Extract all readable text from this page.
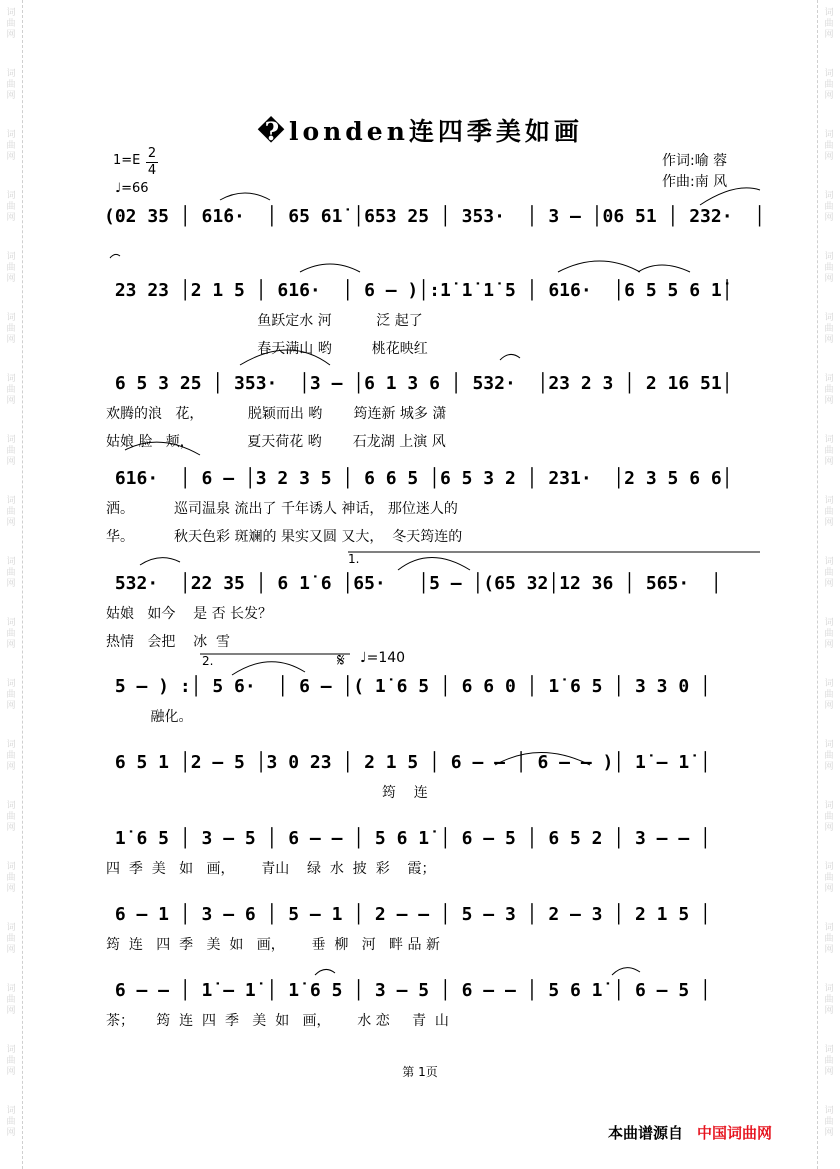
词曲网
词曲网
词曲网
词曲网
词曲网
词曲网
词曲网
词曲网
词曲网
词曲网
词曲网
词曲网
词曲网
词曲网
词曲网
词曲网
词曲网
词曲网
词曲网
词曲网
词曲网
词曲网
词曲网
词曲网
词曲网
词曲网
词曲网
词曲网
词曲网
词曲网
词曲网
词曲网
词曲网
词曲网
词曲网
词曲网
词曲网
词曲网
�londen连四季美如画
1=E 2
4
♩=66
作词:喻 蓉
作曲:南 风
(02 35 │ 61̇6·  │ 65 61̇ │653 25 │ 353·  │ 3 — │06 51 │ 232·  │
23 23 │2 1 5 │ 616·  │ 6 — )│:1̇ 1̇ 1̇ 5 │ 616·  │6 5 5 6 1̇│
鱼跃定水 河          泛 起了
春天满山 哟         桃花映红
6 5 3 25 │ 353·  │3 — │6 1 3 6 │ 532·  │23 2 3 │ 2 16 51│
欢腾的浪   花，          脱颖而出 哟       筠连新 城多 潇
姑娘 脸   颊，            夏天荷花 哟       石龙湖 上演 风
616·  │ 6 — │3 2 3 5 │ 6 6 5 │6 5 3 2 │ 231·  │2 3 5 6 6│
洒。         巡司温泉 流出了 千年诱人 神话， 那位迷人的
华。         秋天色彩 斑斓的 果实又圆 又大，  冬天筠连的
532·  │22 35 │ 6 1̇ 6 │65·   │5 — │(65 32│12 36 │ 565·  │
姑娘   如今    是 否 长发？
热情   会把    冰  雪
5 — ) :│ 5 6·  │ 6 — │( 1̇ 6 5 │ 6 6 0 │ 1̇ 6 5 │ 3 3 0 │
融化。
6 5 1 │2 — 5 │3 0 23 │ 2 1 5 │ 6 — — │ 6 — — )│ 1̇ — 1̇ │
筠    连
1̇ 6 5 │ 3 — 5 │ 6 — — │ 5 6 1̇ │ 6 — 5 │ 6 5 2 │ 3 — — │
四  季  美   如   画，      青山    绿  水  披  彩    霞；
6 — 1 │ 3 — 6 │ 5 — 1 │ 2 — — │ 5 — 3 │ 2 — 3 │ 2 1 5 │
筠  连   四  季   美  如   画，      垂  柳   河   畔 品 新
6 — — │ 1̇ — 1̇ │ 1̇ 6 5 │ 3 — 5 │ 6 — — │ 5 6 1̇ │ 6 — 5 │
茶；     筠  连  四  季   美  如   画，      水 恋     青  山
1.
2.	𝄋 ♩=140
第 1页
本曲谱源自 中国词曲网
